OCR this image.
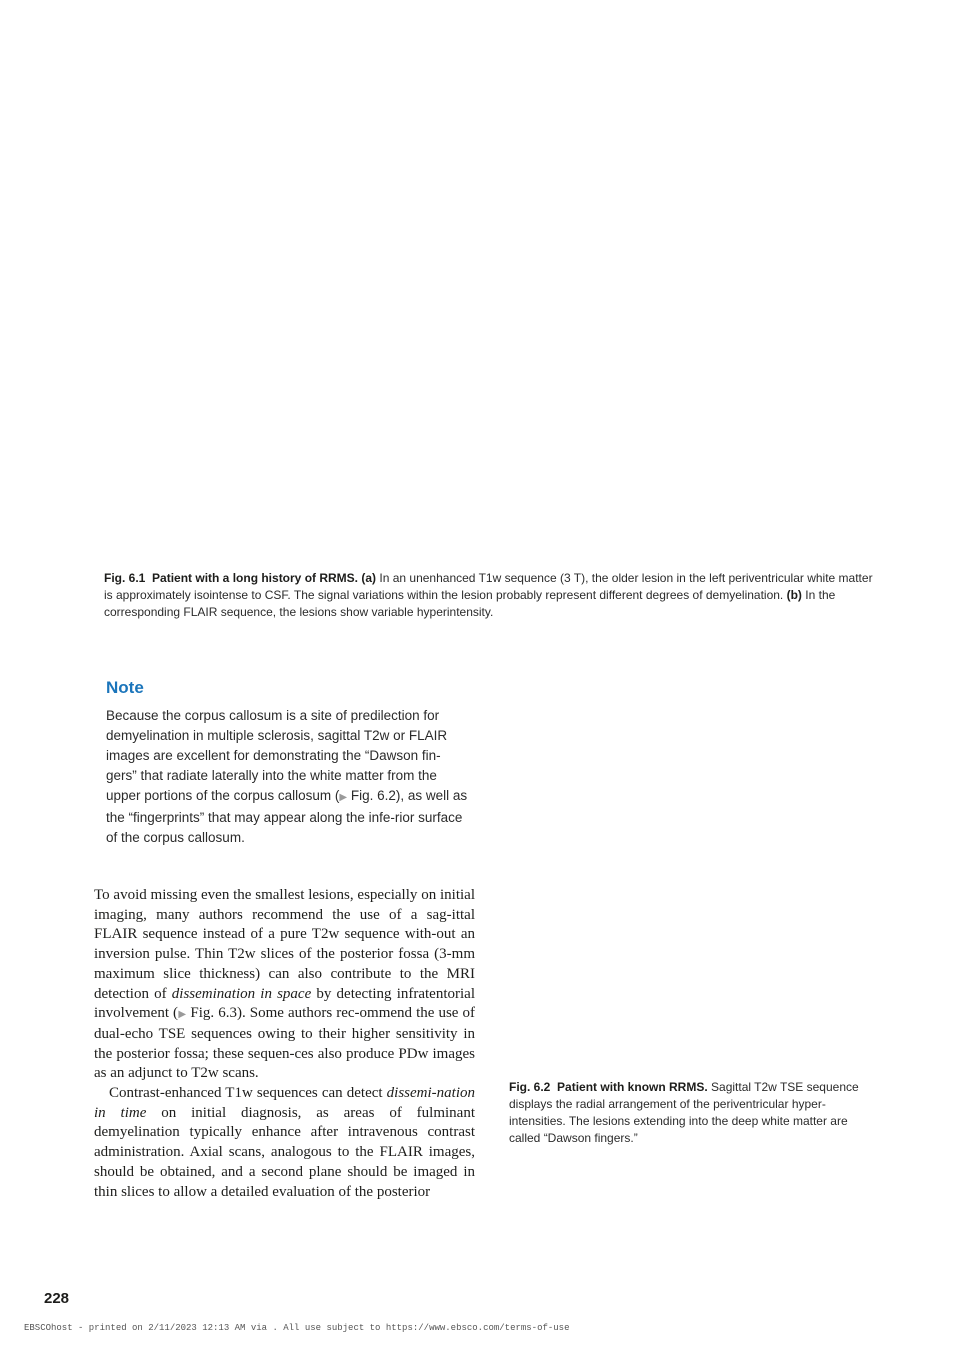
Fig. 6.1 Patient with a long history of RRMS. (a) In an unenhanced T1w sequence (3 T), the older lesion in the left periventricular white matter is approximately isointense to CSF. The signal variations within the lesion probably represent different degrees of demyelination. (b) In the corresponding FLAIR sequence, the lesions show variable hyperintensity.
Note
Because the corpus callosum is a site of predilection for demyelination in multiple sclerosis, sagittal T2w or FLAIR images are excellent for demonstrating the “Dawson fin-gers” that radiate laterally into the white matter from the upper portions of the corpus callosum (▶ Fig. 6.2), as well as the “fingerprints” that may appear along the infe-rior surface of the corpus callosum.

To avoid missing even the smallest lesions, especially on initial imaging, many authors recommend the use of a sag-ittal FLAIR sequence instead of a pure T2w sequence with-out an inversion pulse. Thin T2w slices of the posterior fossa (3-mm maximum slice thickness) can also contribute to the MRI detection of dissemination in space by detecting infratentorial involvement (▶ Fig. 6.3). Some authors rec-ommend the use of dual-echo TSE sequences owing to their higher sensitivity in the posterior fossa; these sequen-ces also produce PDw images as an adjunct to T2w scans.

Contrast-enhanced T1w sequences can detect dissemi-nation in time on initial diagnosis, as areas of fulminant demyelination typically enhance after intravenous contrast administration. Axial scans, analogous to the FLAIR images, should be obtained, and a second plane should be imaged in thin slices to allow a detailed evaluation of the posterior

Fig. 6.2 Patient with known RRMS. Sagittal T2w TSE sequence displays the radial arrangement of the periventricular hyper-intensities. The lesions extending into the deep white matter are called “Dawson fingers.”
228
EBSCOhost - printed on 2/11/2023 12:13 AM via . All use subject to https://www.ebsco.com/terms-of-use
